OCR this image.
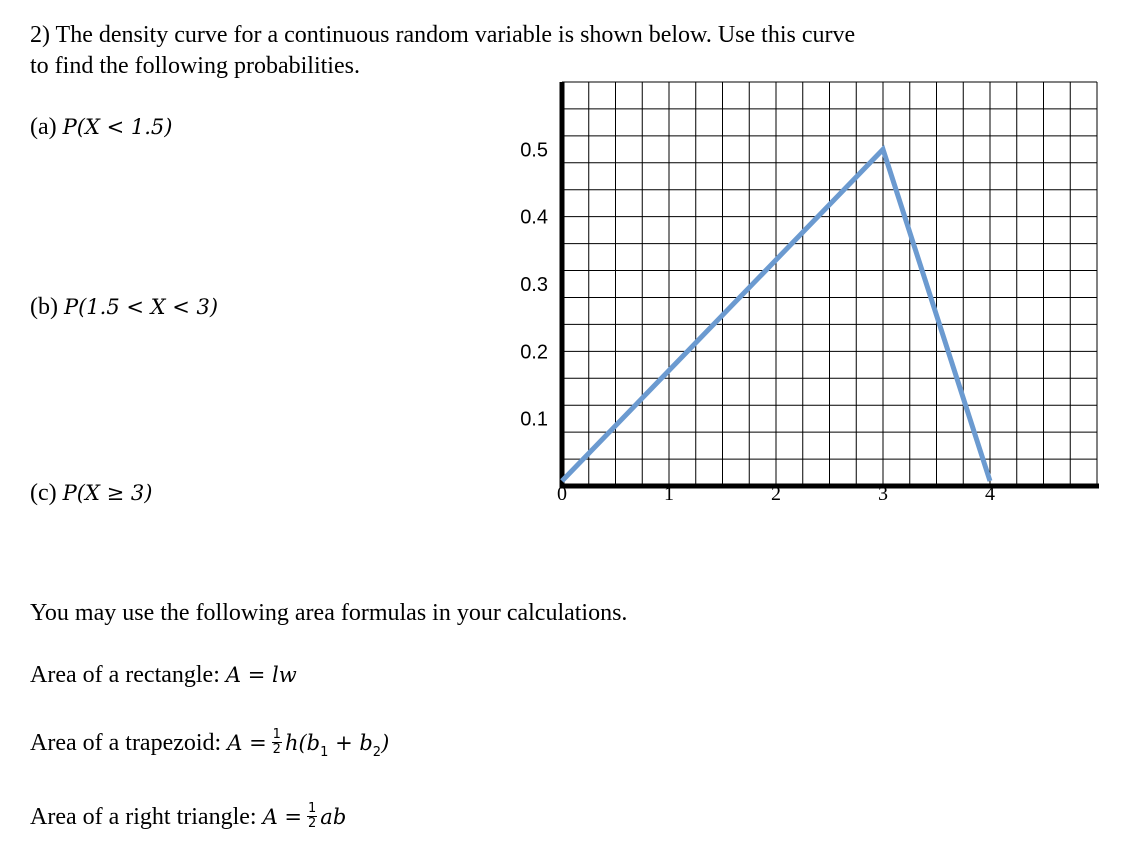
2) The density curve for a continuous random variable is shown below. Use this curve
to find the following probabilities.
(a) P(X < 1.5)
(b) P(1.5 < X < 3)
(c) P(X ≥ 3)
0.1
0.2
0.3
0.4
0.5
0	1	2	3	4
You may use the following area formulas in your calculations.
Area of a rectangle: A = lw
Area of a trapezoid: $A = \frac{1}{2} h(b_1 + b_2)$
Area of a right triangle: $A = \frac{1}{2}$ ab
